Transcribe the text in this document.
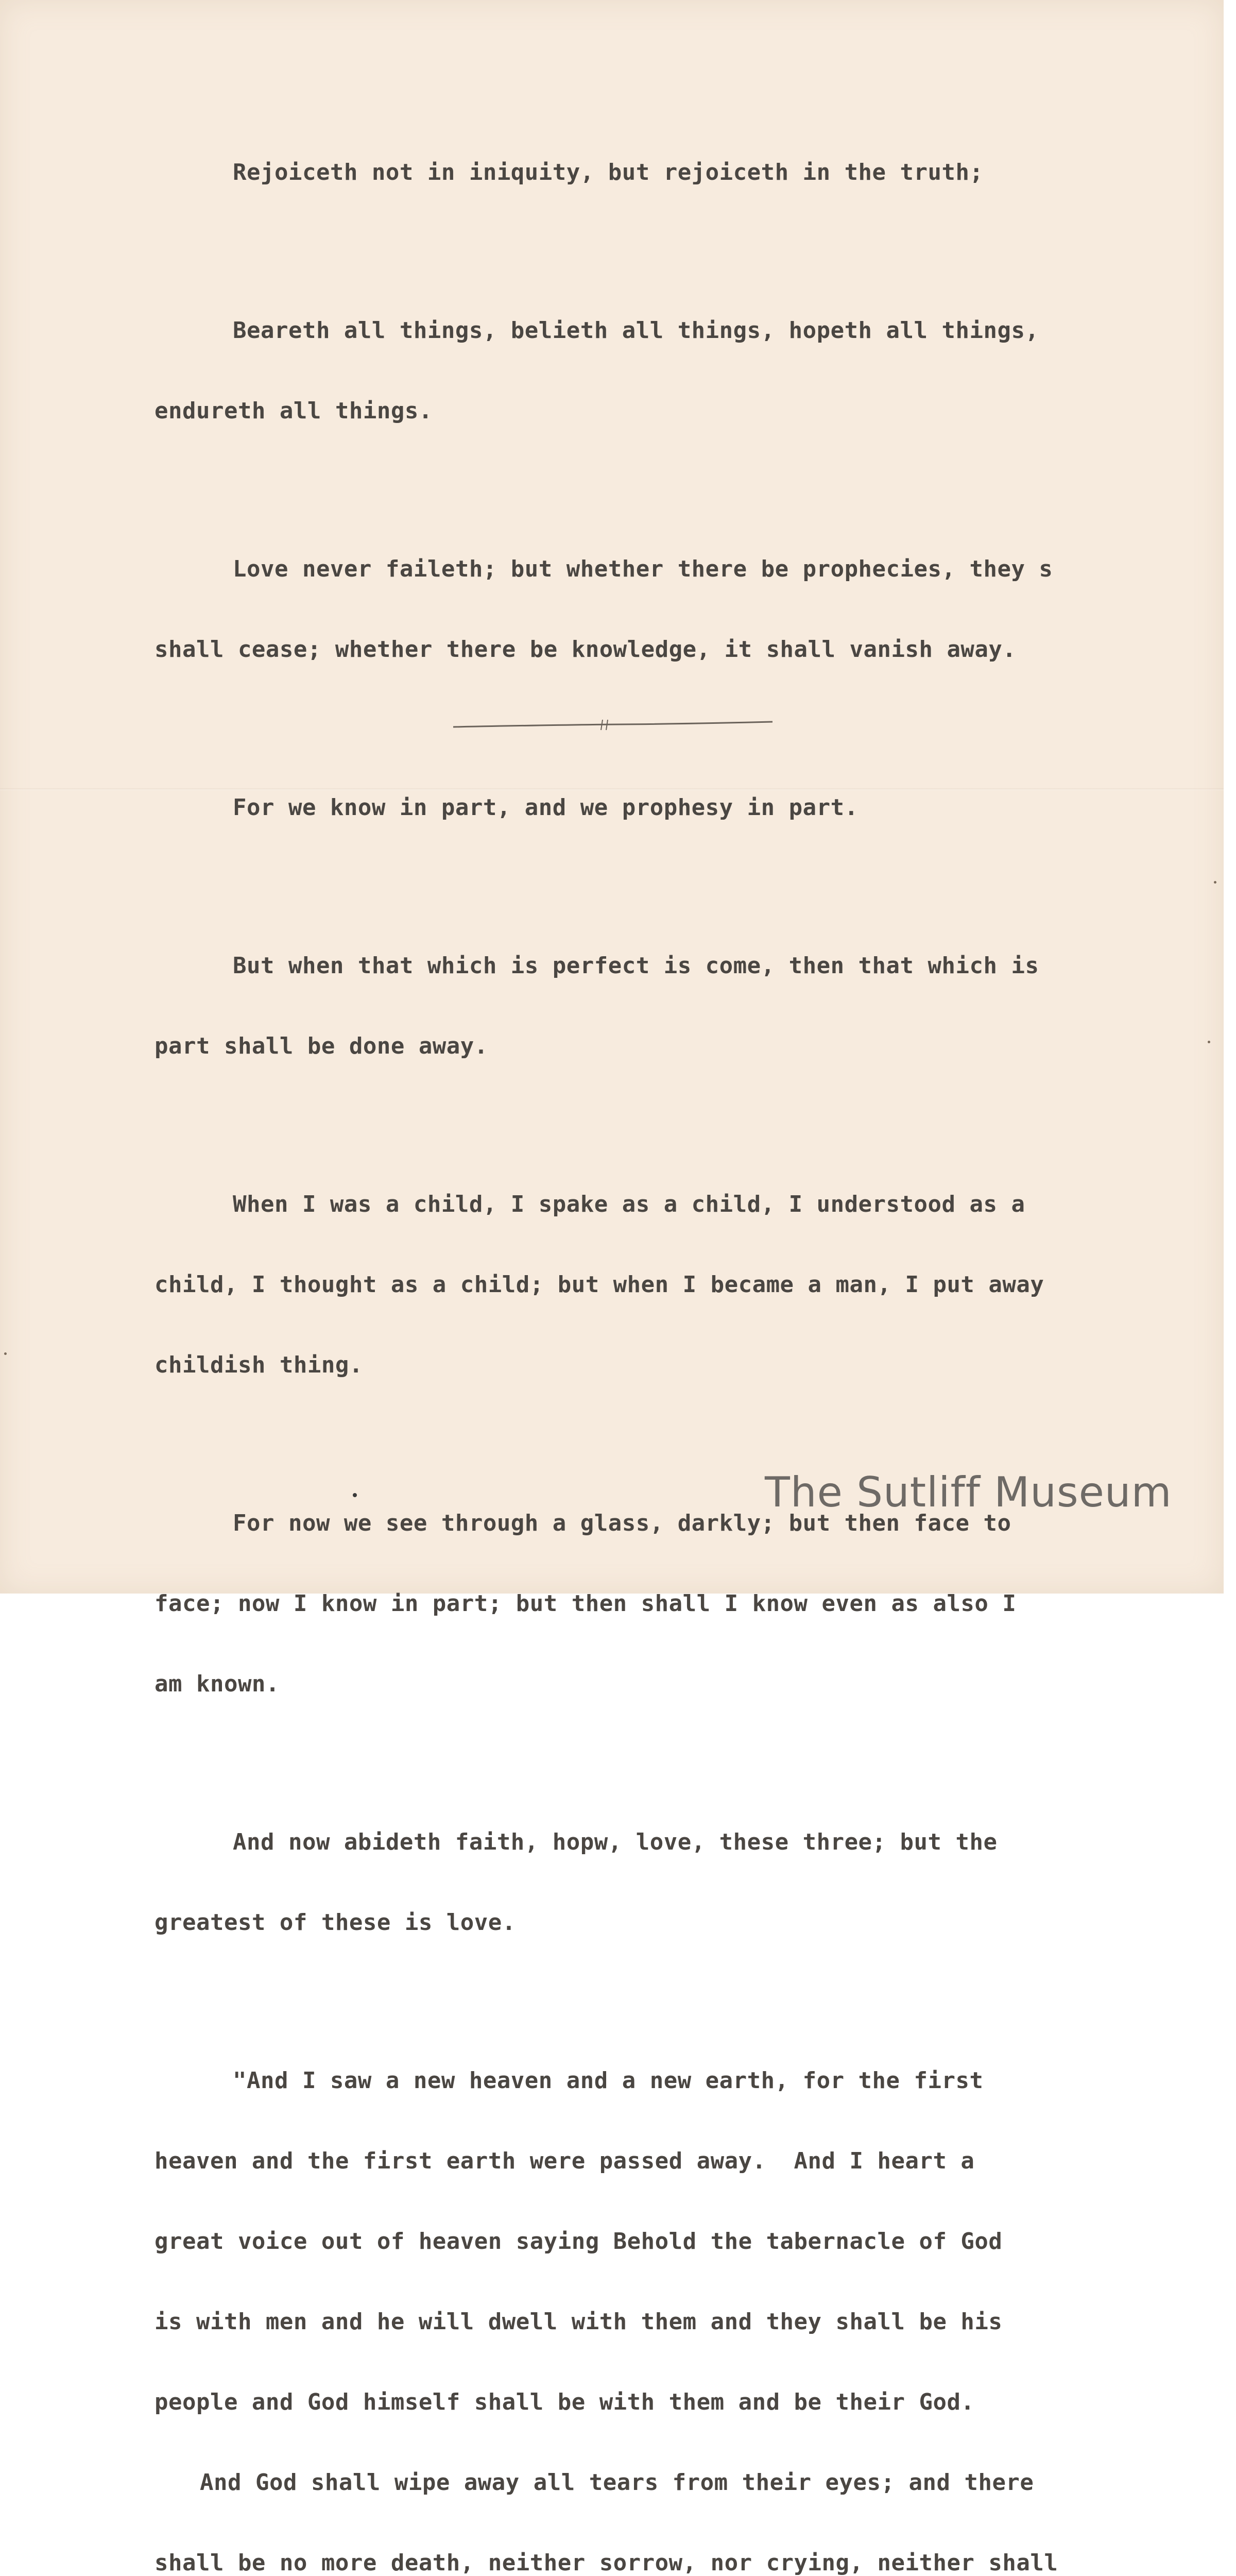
Rejoiceth not in iniquity, but rejoiceth in the truth;

Beareth all things, belieth all things, hopeth all things,

endureth all things.

Love never faileth; but whether there be prophecies, they s

shall cease; whether there be knowledge, it shall vanish away.

For we know in part, and we prophesy in part.

But when that which is perfect is come, then that which is

part shall be done away.

When I was a child, I spake as a child, I understood as a

child, I thought as a child; but when I became a man, I put away

childish thing.

For now we see through a glass, darkly; but then face to

face; now I know in part; but then shall I know even as also I

am known.

And now abideth faith, hopw, love, these three; but the

greatest of these is love.

"And I saw a new heaven and a new earth, for the first

heaven and the first earth were passed away.  And I heart a

great voice out of heaven saying Behold the tabernacle of God

is with men and he will dwell with them and they shall be his

people and God himself shall be with them and be their God.

And God shall wipe away all tears from their eyes; and there

shall be no more death, neither sorrow, nor crying, neither shall

The Sutliff Museum
